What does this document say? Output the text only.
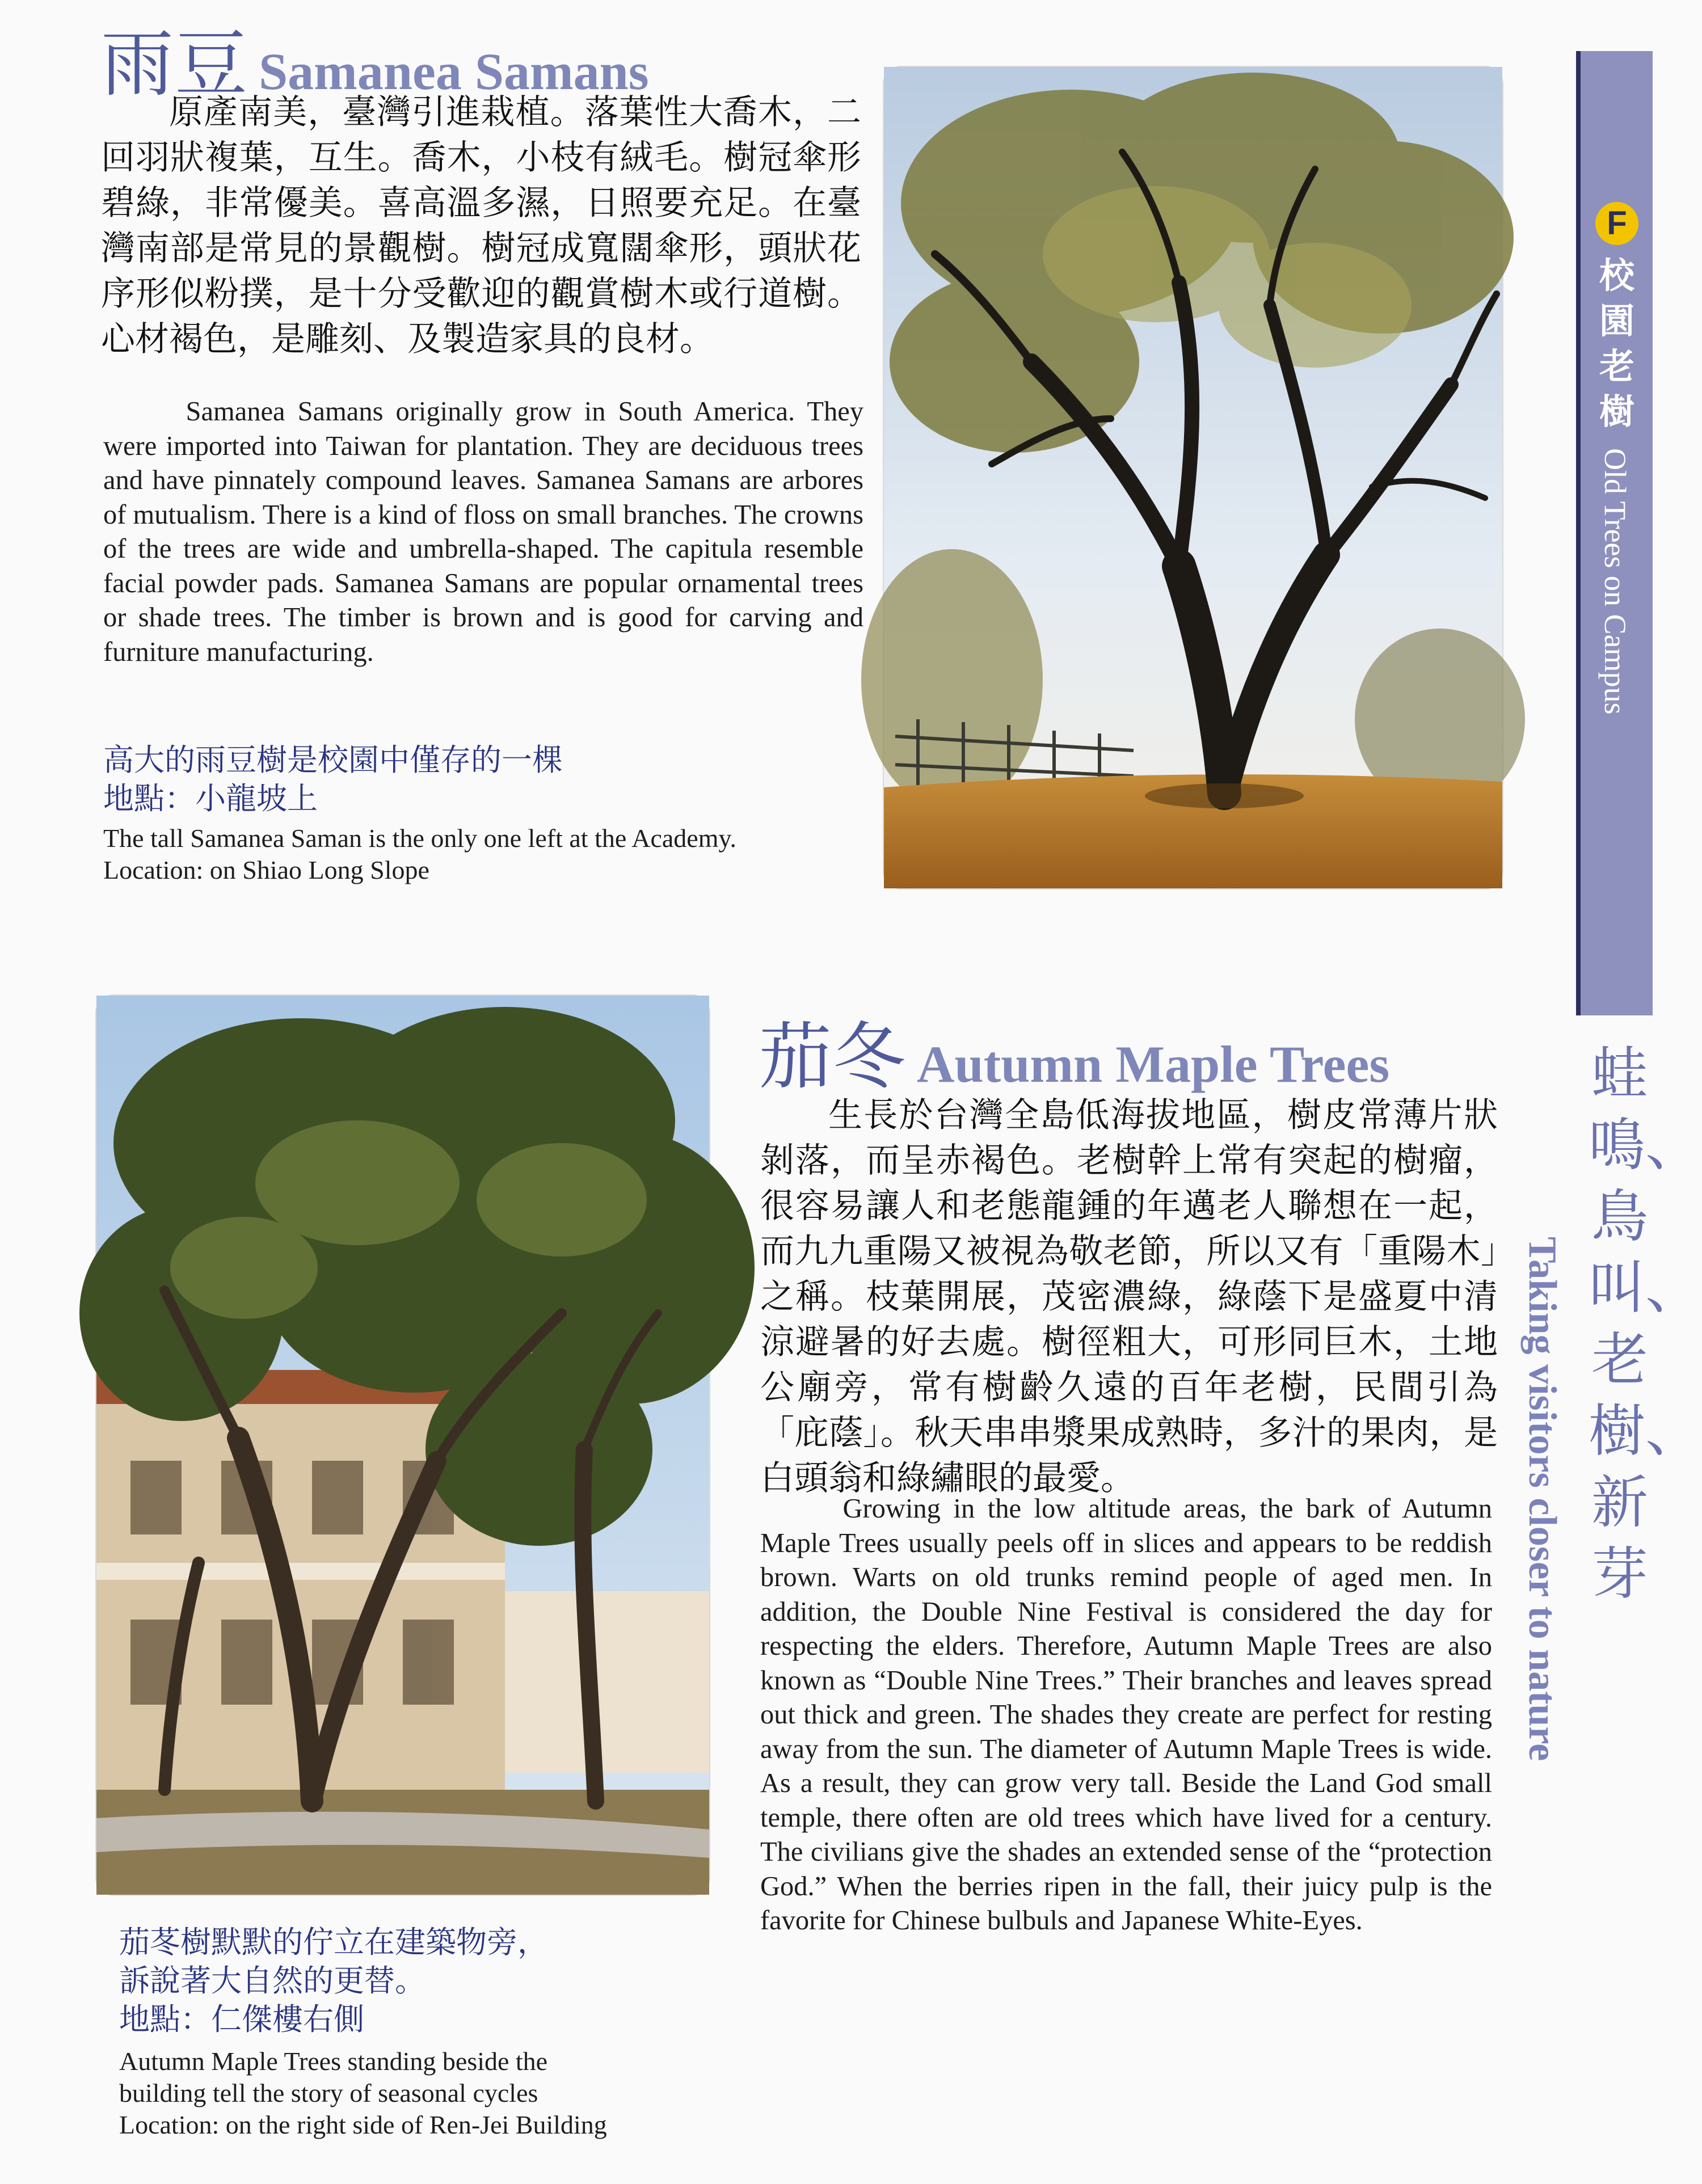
雨豆 Samanea Samans
原產南美，臺灣引進栽植。落葉性大喬木，二回羽狀複葉，互生。喬木，小枝有絨毛。樹冠傘形碧綠，非常優美。喜高溫多濕，日照要充足。在臺灣南部是常見的景觀樹。樹冠成寬闊傘形，頭狀花序形似粉撲，是十分受歡迎的觀賞樹木或行道樹。心材褐色，是雕刻、及製造家具的良材。
Samanea Samans originally grow in South America. They were imported into Taiwan for plantation. They are deciduous trees and have pinnately compound leaves. Samanea Samans are arbores of mutualism. There is a kind of floss on small branches. The crowns of the trees are wide and umbrella-shaped. The capitula resemble facial powder pads. Samanea Samans are popular ornamental trees or shade trees. The timber is brown and is good for carving and furniture manufacturing.
高大的雨豆樹是校園中僅存的一棵
地點：小龍坡上
The tall Samanea Saman is the only one left at the Academy.
Location: on Shiao Long Slope
茄冬 Autumn Maple Trees
生長於台灣全島低海拔地區，樹皮常薄片狀剝落，而呈赤褐色。老樹幹上常有突起的樹瘤，很容易讓人和老態龍鍾的年邁老人聯想在一起，而九九重陽又被視為敬老節，所以又有「重陽木」之稱。枝葉開展，茂密濃綠，綠蔭下是盛夏中清涼避暑的好去處。樹徑粗大，可形同巨木，土地公廟旁，常有樹齡久遠的百年老樹，民間引為「庇蔭」。秋天串串漿果成熟時，多汁的果肉，是白頭翁和綠繡眼的最愛。
Growing in the low altitude areas, the bark of Autumn Maple Trees usually peels off in slices and appears to be reddish brown. Warts on old trunks remind people of aged men. In addition, the Double Nine Festival is considered the day for respecting the elders. Therefore, Autumn Maple Trees are also known as “Double Nine Trees.” Their branches and leaves spread out thick and green. The shades they create are perfect for resting away from the sun. The diameter of Autumn Maple Trees is wide. As a result, they can grow very tall. Beside the Land God small temple, there often are old trees which have lived for a century. The civilians give the shades an extended sense of the “protection God.” When the berries ripen in the fall, their juicy pulp is the favorite for Chinese bulbuls and Japanese White-Eyes.
茄苳樹默默的佇立在建築物旁，
訴說著大自然的更替。
地點：仁傑樓右側
Autumn Maple Trees standing beside the
building tell the story of seasonal cycles
Location: on the right side of Ren-Jei Building
F
校園老樹
Old Trees on Campus
蛙鳴、鳥叫、老樹、新芽
Taking visitors closer to nature
